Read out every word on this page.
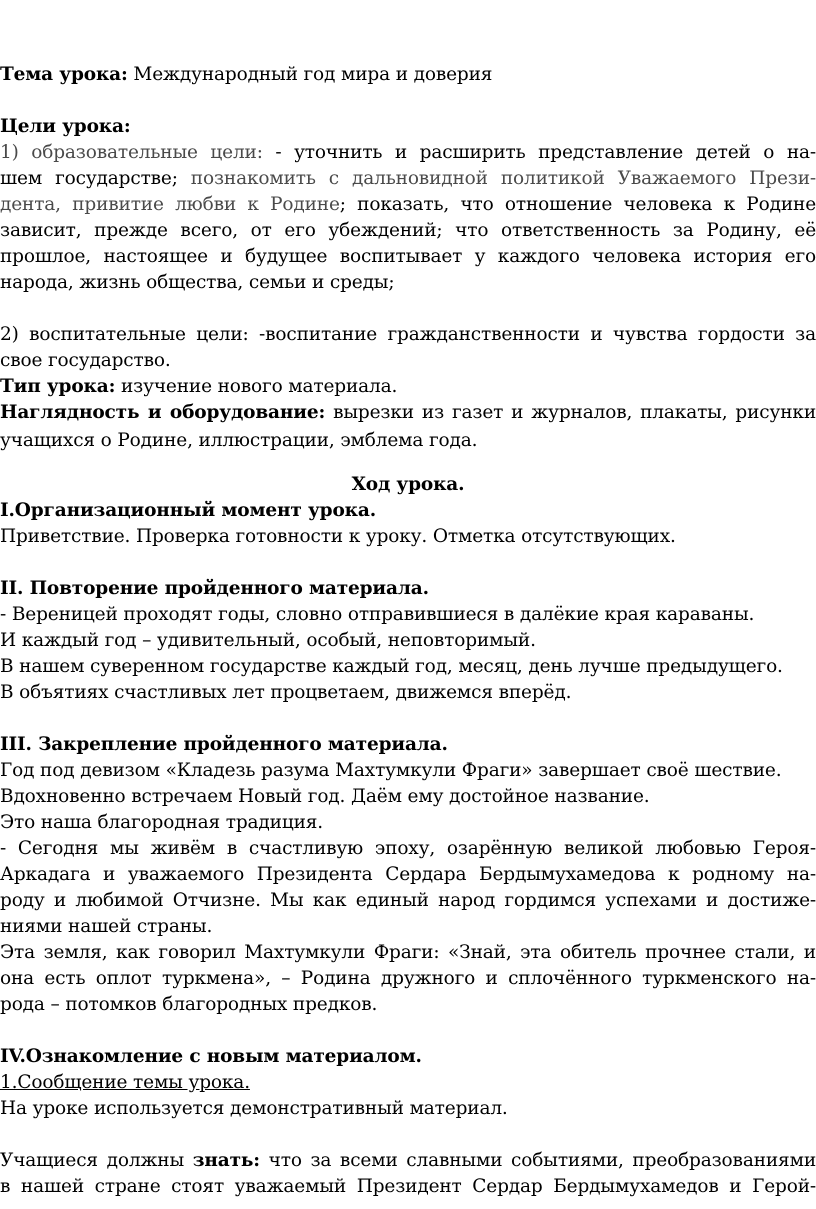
Тема урока: Международный год мира и доверия
Цели урока:
1) образовательные цели: - уточнить и расширить представление детей о на-
шем государстве; познакомить с дальновидной политикой Уважаемого Прези-
дента, привитие любви к Родине; показать, что отношение человека к Родине
зависит, прежде всего, от его убеждений; что ответственность за Родину, её
прошлое, настоящее и будущее воспитывает у каждого человека история его
народа, жизнь общества, семьи и среды;
2) воспитательные цели: -воспитание гражданственности и чувства гордости за
свое государство.
Тип урока: изучение нового материала.
Наглядность и оборудование: вырезки из газет и журналов, плакаты, рисунки
учащихся о Родине, иллюстрации, эмблема года.
Ход урока.
I.Организационный момент урока.
Приветствие. Проверка готовности к уроку. Отметка отсутствующих.
II. Повторение пройденного материала.
- Вереницей проходят годы, словно отправившиеся в далёкие края караваны.
И каждый год – удивительный, особый, неповторимый.
В нашем суверенном государстве каждый год, месяц, день лучше предыдущего.
В объятиях счастливых лет процветаем, движемся вперёд.
III. Закрепление пройденного материала.
Год под девизом «Кладезь разума Махтумкули Фраги» завершает своё шествие.
Вдохновенно встречаем Новый год. Даём ему достойное название.
Это наша благородная традиция.
- Сегодня мы живём в счастливую эпоху, озарённую великой любовью Героя-
Аркадага и уважаемого Президента Сердара Бердымухамедова к родному на-
роду и любимой Отчизне. Мы как единый народ гордимся успехами и достиже-
ниями нашей страны.
Эта земля, как говорил Махтумкули Фраги: «Знай, эта обитель прочнее стали, и
она есть оплот туркмена», – Родина дружного и сплочённого туркменского на-
рода – потомков благородных предков.
IV.Ознакомление с новым материалом.
1.Сообщение темы урока.
На уроке используется демонстративный материал.
Учащиеся должны знать: что за всеми славными событиями, преобразованиями
в нашей стране стоят уважаемый Президент Сердар Бердымухамедов и Герой-
